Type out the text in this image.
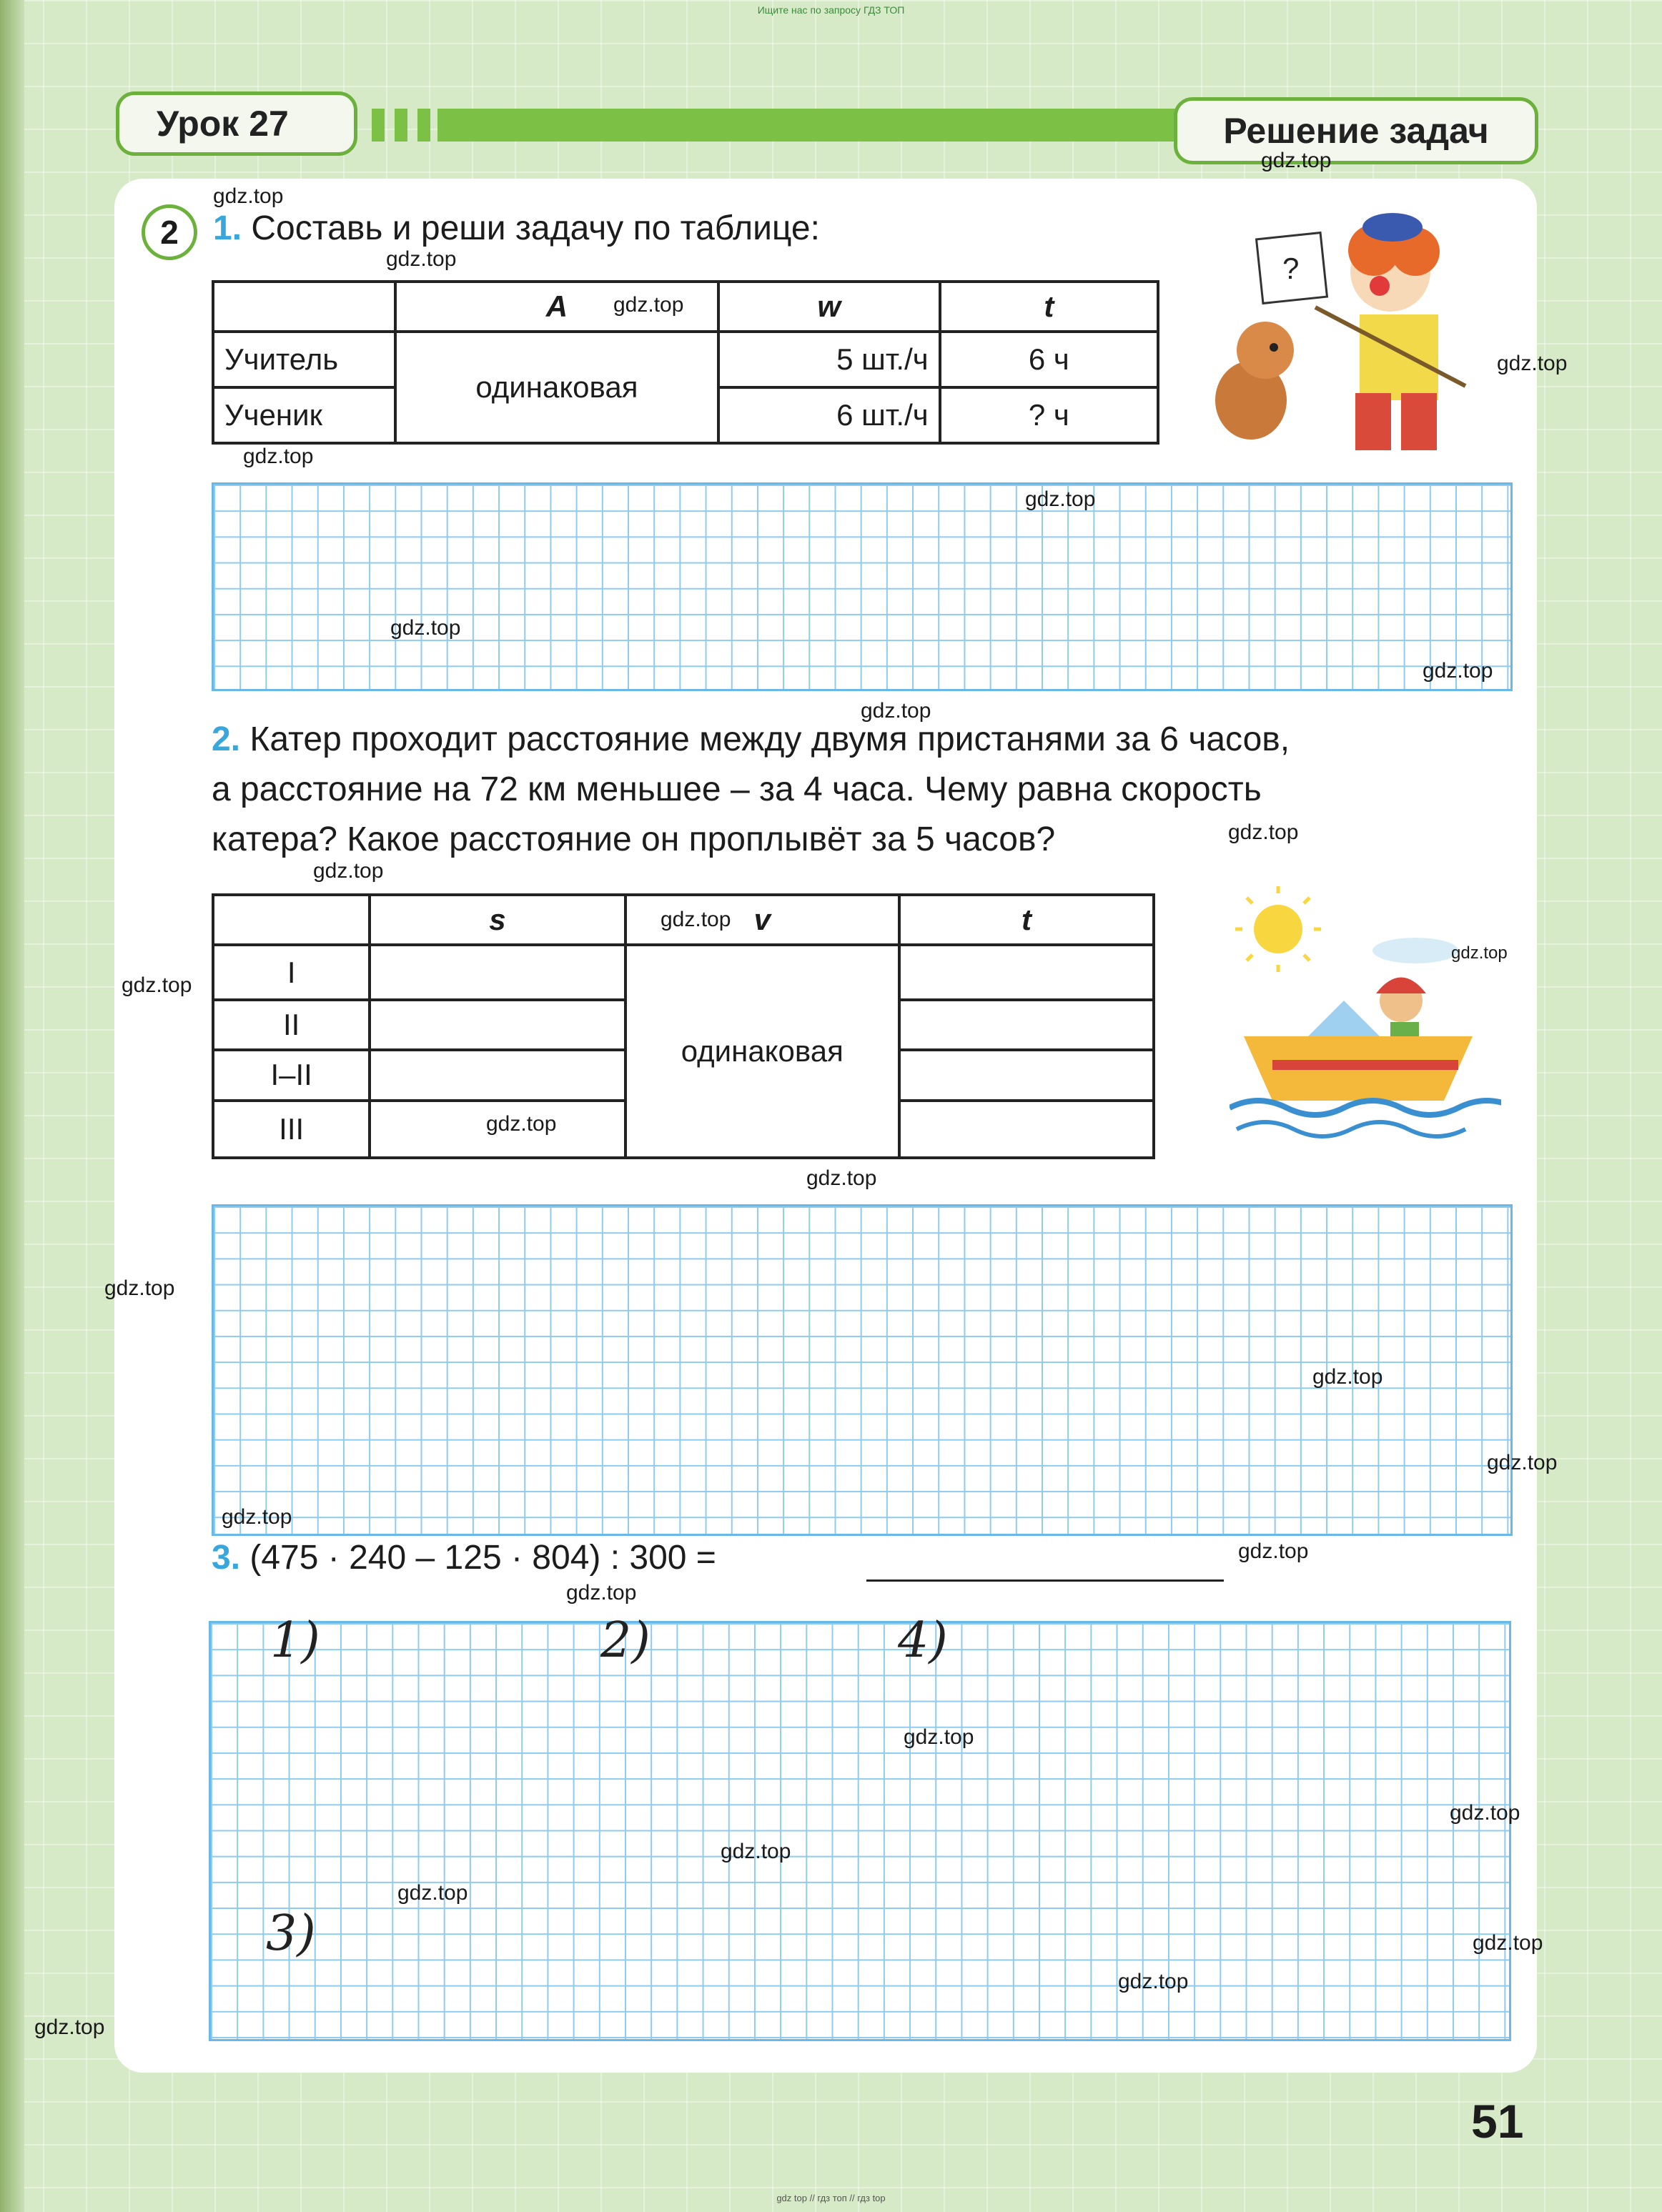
Ищите нас по запросу ГДЗ ТОП
Урок 27	Решение задач
2	1. Составь и реши задачу по таблице:
	A	w	t
Учитель	одинаковая	5 шт./ч	6 ч
Ученик		6 шт./ч	? ч
?
2. Катер проходит расстояние между двумя пристанями за 6 часов,
а расстояние на 72 км меньшее – за 4 часа. Чему равна скорость
катера? Какое расстояние он проплывёт за 5 часов?
	s	v	t
I		одинаковая	
II			
I–II			
III			
3. (475 · 240 – 125 · 804) : 300 =
1)	2)	4)
3)
51
gdz top // гдз топ // гдз top
gdz.top
gdz.top
gdz.top
gdz.top
gdz.top
gdz.top
gdz.top
gdz.top
gdz.top
gdz.top
gdz.top
gdz.top
gdz.top
gdz.top
gdz.top
gdz.top
gdz.top
gdz.top
gdz.top
gdz.top
gdz.top
gdz.top
gdz.top
gdz.top
gdz.top
gdz.top
gdz.top
gdz.top
gdz.top
gdz.top
